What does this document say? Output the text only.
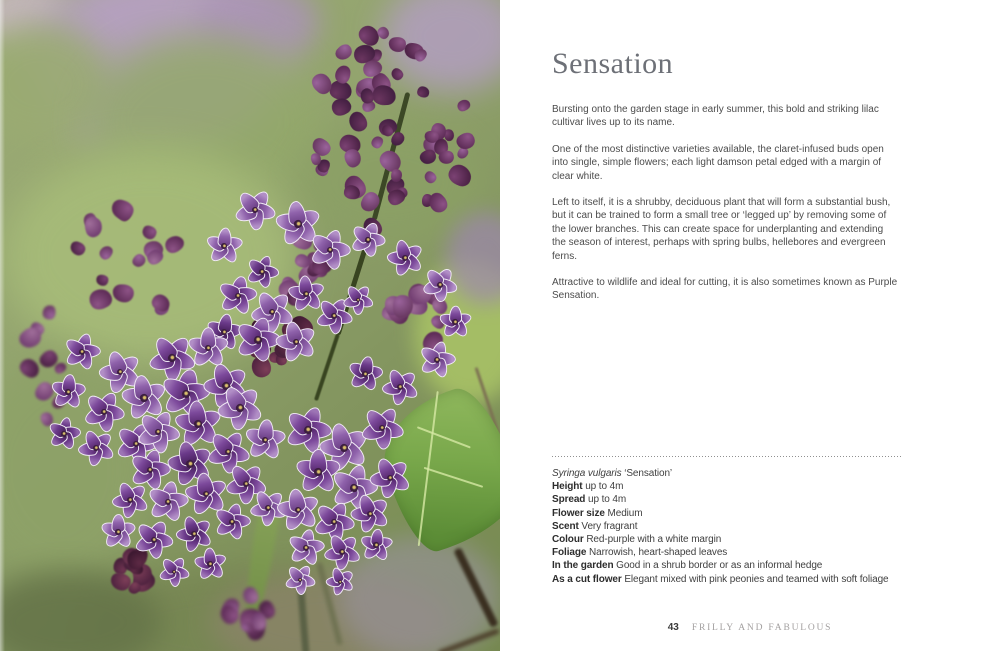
Sensation

Bursting onto the garden stage in early summer, this bold and striking lilac cultivar lives up to its name.

One of the most distinctive varieties available, the claret-infused buds open into single, simple flowers; each light damson petal edged with a margin of clear white.

Left to itself, it is a shrubby, deciduous plant that will form a substantial bush, but it can be trained to form a small tree or ‘legged up’ by removing some of the lower branches. This can create space for underplanting and extending the season of interest, perhaps with spring bulbs, hellebores and evergreen ferns.

Attractive to wildlife and ideal for cutting, it is also sometimes known as Purple Sensation.

Syringa vulgaris ‘Sensation’

Height up to 4m

Spread up to 4m

Flower size Medium

Scent Very fragrant

Colour Red-purple with a white margin

Foliage Narrowish, heart-shaped leaves

In the garden Good in a shrub border or as an informal hedge

As a cut flower Elegant mixed with pink peonies and teamed with soft foliage

43 FRILLY AND FABULOUS
